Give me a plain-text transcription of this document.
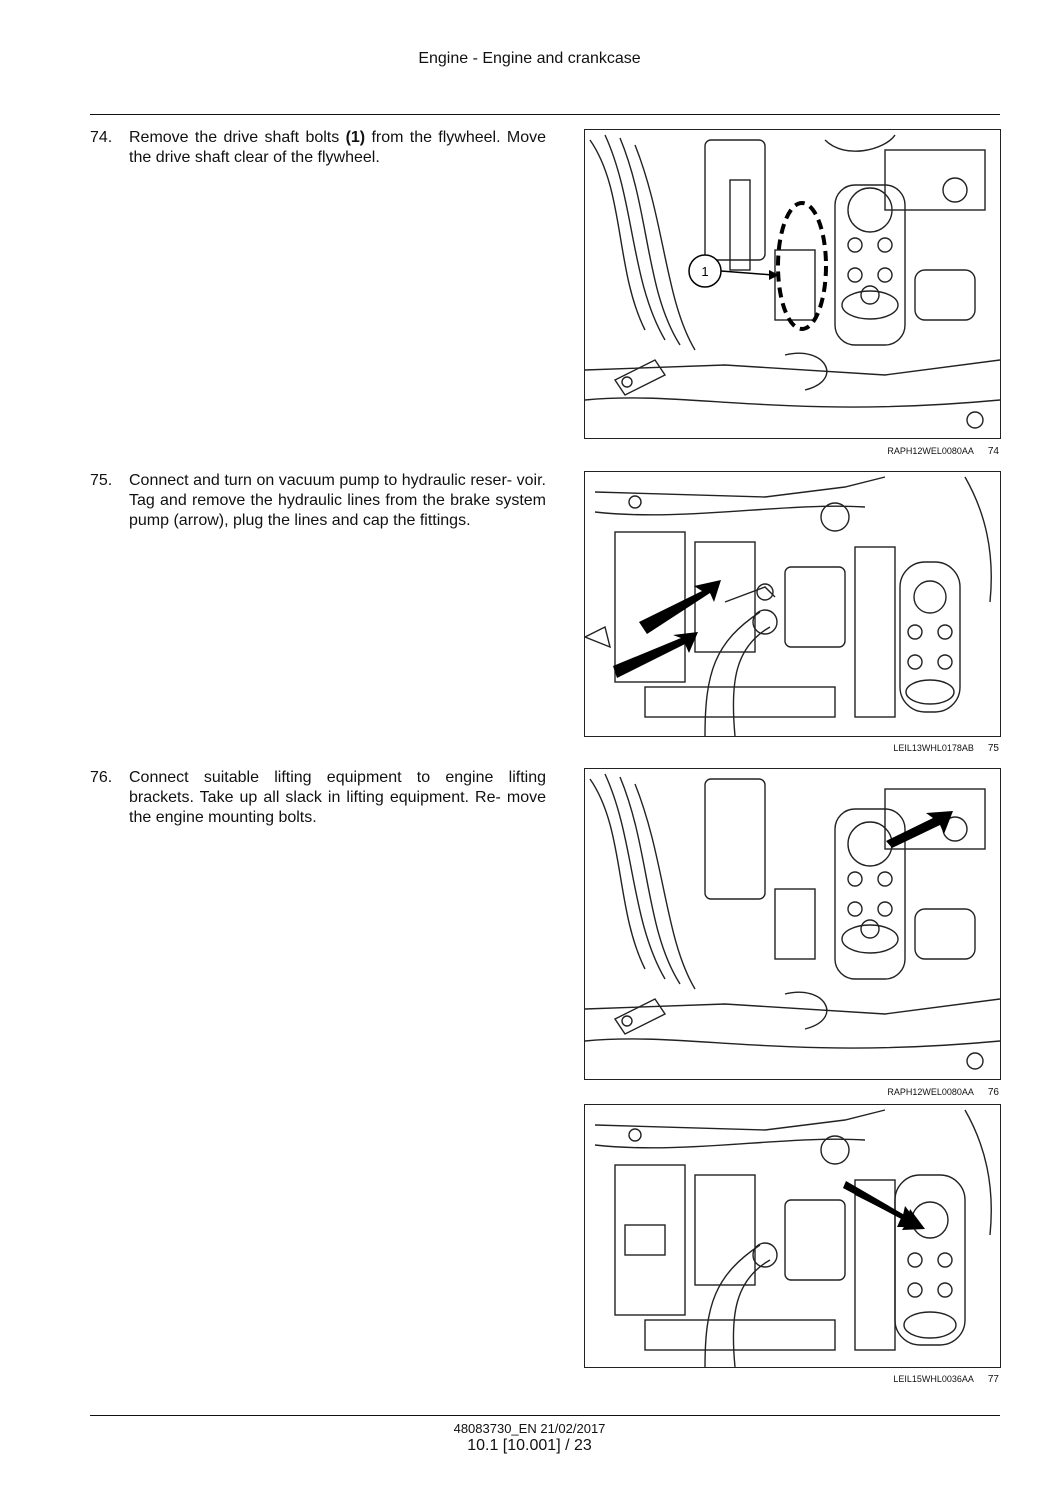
Engine - Engine and crankcase
74. Remove the drive shaft bolts (1) from the flywheel. Move the drive shaft clear of the flywheel.
1
RAPH12WEL0080AA 74
75. Connect and turn on vacuum pump to hydraulic reser- voir. Tag and remove the hydraulic lines from the brake system pump (arrow), plug the lines and cap the fittings.
LEIL13WHL0178AB 75
76. Connect suitable lifting equipment to engine lifting brackets. Take up all slack in lifting equipment. Re- move the engine mounting bolts.
RAPH12WEL0080AA 76
LEIL15WHL0036AA 77
48083730_EN 21/02/2017
10.1 [10.001] / 23
